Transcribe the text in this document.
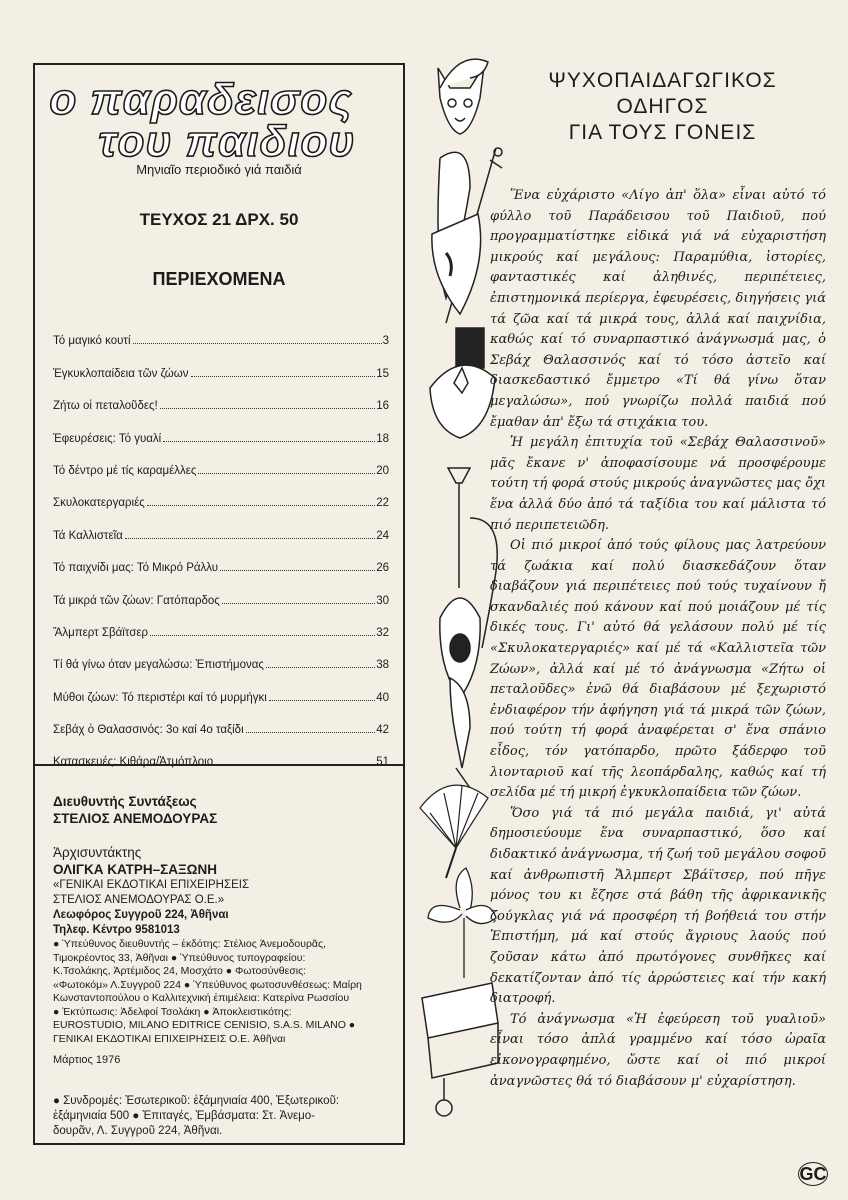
ο παραδεισος
του παιδιου
Μηνιαῖο περιοδικό γιά παιδιά
ΤΕΥΧΟΣ 21 ΔΡΧ. 50
ΠΕΡΙΕΧΟΜΕΝΑ
Τό μαγικό κουτί	3
Ἐγκυκλοπαίδεια τῶν ζώων	15
Ζήτω οἱ πεταλοῦδες!	16
Ἐφευρέσεις: Τό γυαλί	18
Τό δέντρο μέ τίς καραμέλλες	20
Σκυλοκατεργαριές	22
Τά Καλλιστεῖα	24
Τό παιχνίδι μας: Τό Μικρό Ράλλυ	26
Τά μικρά τῶν ζώων: Γατόπαρδος	30
Ἄλμπερτ Σβάϊτσερ	32
Τί θά γίνω όταν μεγαλώσω: Ἐπιστήμονας	38
Μύθοι ζώων: Τό περιστέρι καί τό μυρμήγκι	40
Σεβάχ ὁ Θαλασσινός: 3ο καί 4ο ταξίδι	42
Κατασκευές: Κιθάρα/Ἀτμόπλοιο	51
Διευθυντής Συντάξεως
ΣΤΕΛΙΟΣ ΑΝΕΜΟΔΟΥΡΑΣ
Ἀρχισυντάκτης
ΟΛΙΓΚΑ ΚΑΤΡΗ–ΣΑΞΩΝΗ
«ΓΕΝΙΚΑΙ ΕΚΔΟΤΙΚΑΙ ΕΠΙΧΕΙΡΗΣΕΙΣ
ΣΤΕΛΙΟΣ ΑΝΕΜΟΔΟΥΡΑΣ Ο.Ε.»
Λεωφόρος Συγγροῦ 224, Ἀθῆναι
Τηλεφ. Κέντρο 9581013
● Ὑπεύθυνος διευθυντής – ἐκδότης: Στέλιος Ἀνεμοδουρᾶς,
Τιμοκρέοντος 33, Ἀθῆναι ● Ὑπεύθυνος τυπογραφείου:
Κ.Τσολάκης, Ἀρτέμιδος 24, Μοσχάτο ● Φωτοσύνθεσις:
«Φωτοκόμ» Λ.Συγγροῦ 224 ● Ὑπεύθυνος φωτοσυνθέσεως: Μαίρη
Κωνσταντοπούλου ο Καλλιτεχνική ἐπιμέλεια: Κατερίνα Ρωσσίου
● Ἐκτύπωσις: Ἀδελφοί Τσολάκη ● Ἀποκλειστικότης:
EUROSTUDIO, MILANO EDITRICE CENISIO, S.A.S. MILANO ●
ΓΕΝΙΚΑΙ ΕΚΔΟΤΙΚΑΙ ΕΠΙΧΕΙΡΗΣΕΙΣ Ο.Ε. Ἀθῆναι
Μάρτιος 1976
● Συνδρομές: Ἐσωτερικοῦ: ἑξάμηνιαία 400, Ἐξωτερικοῦ:
ἑξάμηνιαία 500 ● Ἐπιταγές, Ἐμβάσματα: Στ. Ἀνεμο-
δουρᾶν, Λ. Συγγροῦ 224, Ἀθῆναι.
ΨΥΧΟΠΑΙΔΑΓΩΓΙΚΟΣ
ΟΔΗΓΟΣ
ΓΙΑ ΤΟΥΣ ΓΟΝΕΙΣ

Ἕνα εὐχάριστο «Λίγο ἀπ' ὅλα» εἶναι αὐτό τό φύλλο τοῦ Παράδεισου τοῦ Παιδιοῦ, πού προγραμματίστηκε εἰδικά γιά νά εὐχαριστήση μικρούς καί μεγάλους: Παραμύθια, ἱστορίες, φανταστικές καί ἀληθινές, περιπέτειες, ἐπιστημονικά περίεργα, ἐφευρέσεις, διηγήσεις γιά τά ζῶα καί τά μικρά τους, ἀλλά καί παιχνίδια, καθώς καί τό συναρπαστικό ἀνάγνωσμά μας, ὁ Σεβάχ Θαλασσινός καί τό τόσο ἀστεῖο καί διασκεδαστικό ἔμμετρο «Τί θά γίνω ὅταν μεγαλώσω», πού γνωρίζω πολλά παιδιά πού ἔμαθαν ἀπ' ἔξω τά στιχάκια του.

Ἡ μεγάλη ἐπιτυχία τοῦ «Σεβάχ Θαλασσινοῦ» μᾶς ἔκανε ν' ἀποφασίσουμε νά προσφέρουμε τούτη τή φορά στούς μικρούς ἀναγνῶστες μας ὄχι ἕνα ἀλλά δύο ἀπό τά ταξίδια του καί μάλιστα τό πιό περιπετειῶδη.

Οἱ πιό μικροί ἀπό τούς φίλους μας λατρεύουν τά ζωάκια καί πολύ διασκεδάζουν ὅταν διαβάζουν γιά περιπέτειες πού τούς τυχαίνουν ἤ σκανδαλιές πού κάνουν καί πού μοιάζουν μέ τίς δικές τους. Γι' αὐτό θά γελάσουν πολύ μέ τίς «Σκυλοκατεργαριές» καί μέ τά «Καλλιστεῖα τῶν Ζώων», ἀλλά καί μέ τό ἀνάγνωσμα «Ζήτω οἱ πεταλοῦδες» ἐνῶ θά διαβάσουν μέ ξεχωριστό ἐνδιαφέρον τήν ἀφήγηση γιά τά μικρά τῶν ζώων, πού τούτη τή φορά ἀναφέρεται σ' ἕνα σπάνιο εἶδος, τόν γατόπαρδο, πρῶτο ξάδερφο τοῦ λιονταριοῦ καί τῆς λεοπάρδαλης, καθώς καί τή σελίδα μέ τή μικρή ἐγκυκλοπαίδεια τῶν ζώων.

Ὅσο γιά τά πιό μεγάλα παιδιά, γι' αὐτά δημοσιεύουμε ἕνα συναρπαστικό, ὅσο καί διδακτικό ἀνάγνωσμα, τή ζωή τοῦ μεγάλου σοφοῦ καί ἀνθρωπιστῆ Ἄλμπερτ Σβάϊτσερ, πού πῆγε μόνος του κι ἔζησε στά βάθη τῆς ἀφρικανικῆς ζούγκλας γιά νά προσφέρη τή βοήθειά του στήν Ἐπιστήμη, μά καί στούς ἄγριους λαούς πού ζοῦσαν κάτω ἀπό πρωτόγονες συνθῆκες καί δεκατίζονταν ἀπό τίς ἀρρώστειες καί τήν κακή διατροφή.

Τό ἀνάγνωσμα «Ἡ ἐφεύρεση τοῦ γυαλιοῦ» εἶναι τόσο ἁπλά γραμμένο καί τόσο ὡραῖα εἰκονογραφημένο, ὥστε καί οἱ πιό μικροί ἀναγνῶστες θά τό διαβάσουν μ' εὐχαρίστηση.

GC
